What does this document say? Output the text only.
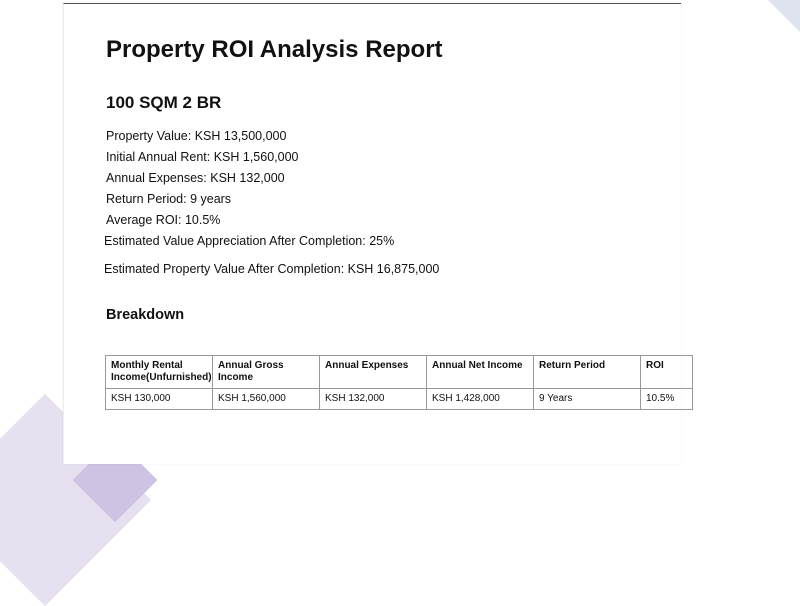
Property ROI Analysis Report
100 SQM 2 BR
Property Value: KSH 13,500,000
Initial Annual Rent: KSH 1,560,000
Annual Expenses: KSH 132,000
Return Period: 9 years
Average ROI: 10.5%
Estimated Value Appreciation After Completion: 25%
Estimated Property Value After Completion: KSH 16,875,000
Breakdown
Monthly Rental Income(Unfurnished)	Annual Gross Income	Annual Expenses	Annual Net Income	Return Period	ROI
KSH 130,000	KSH 1,560,000	KSH 132,000	KSH 1,428,000	9 Years	10.5%
